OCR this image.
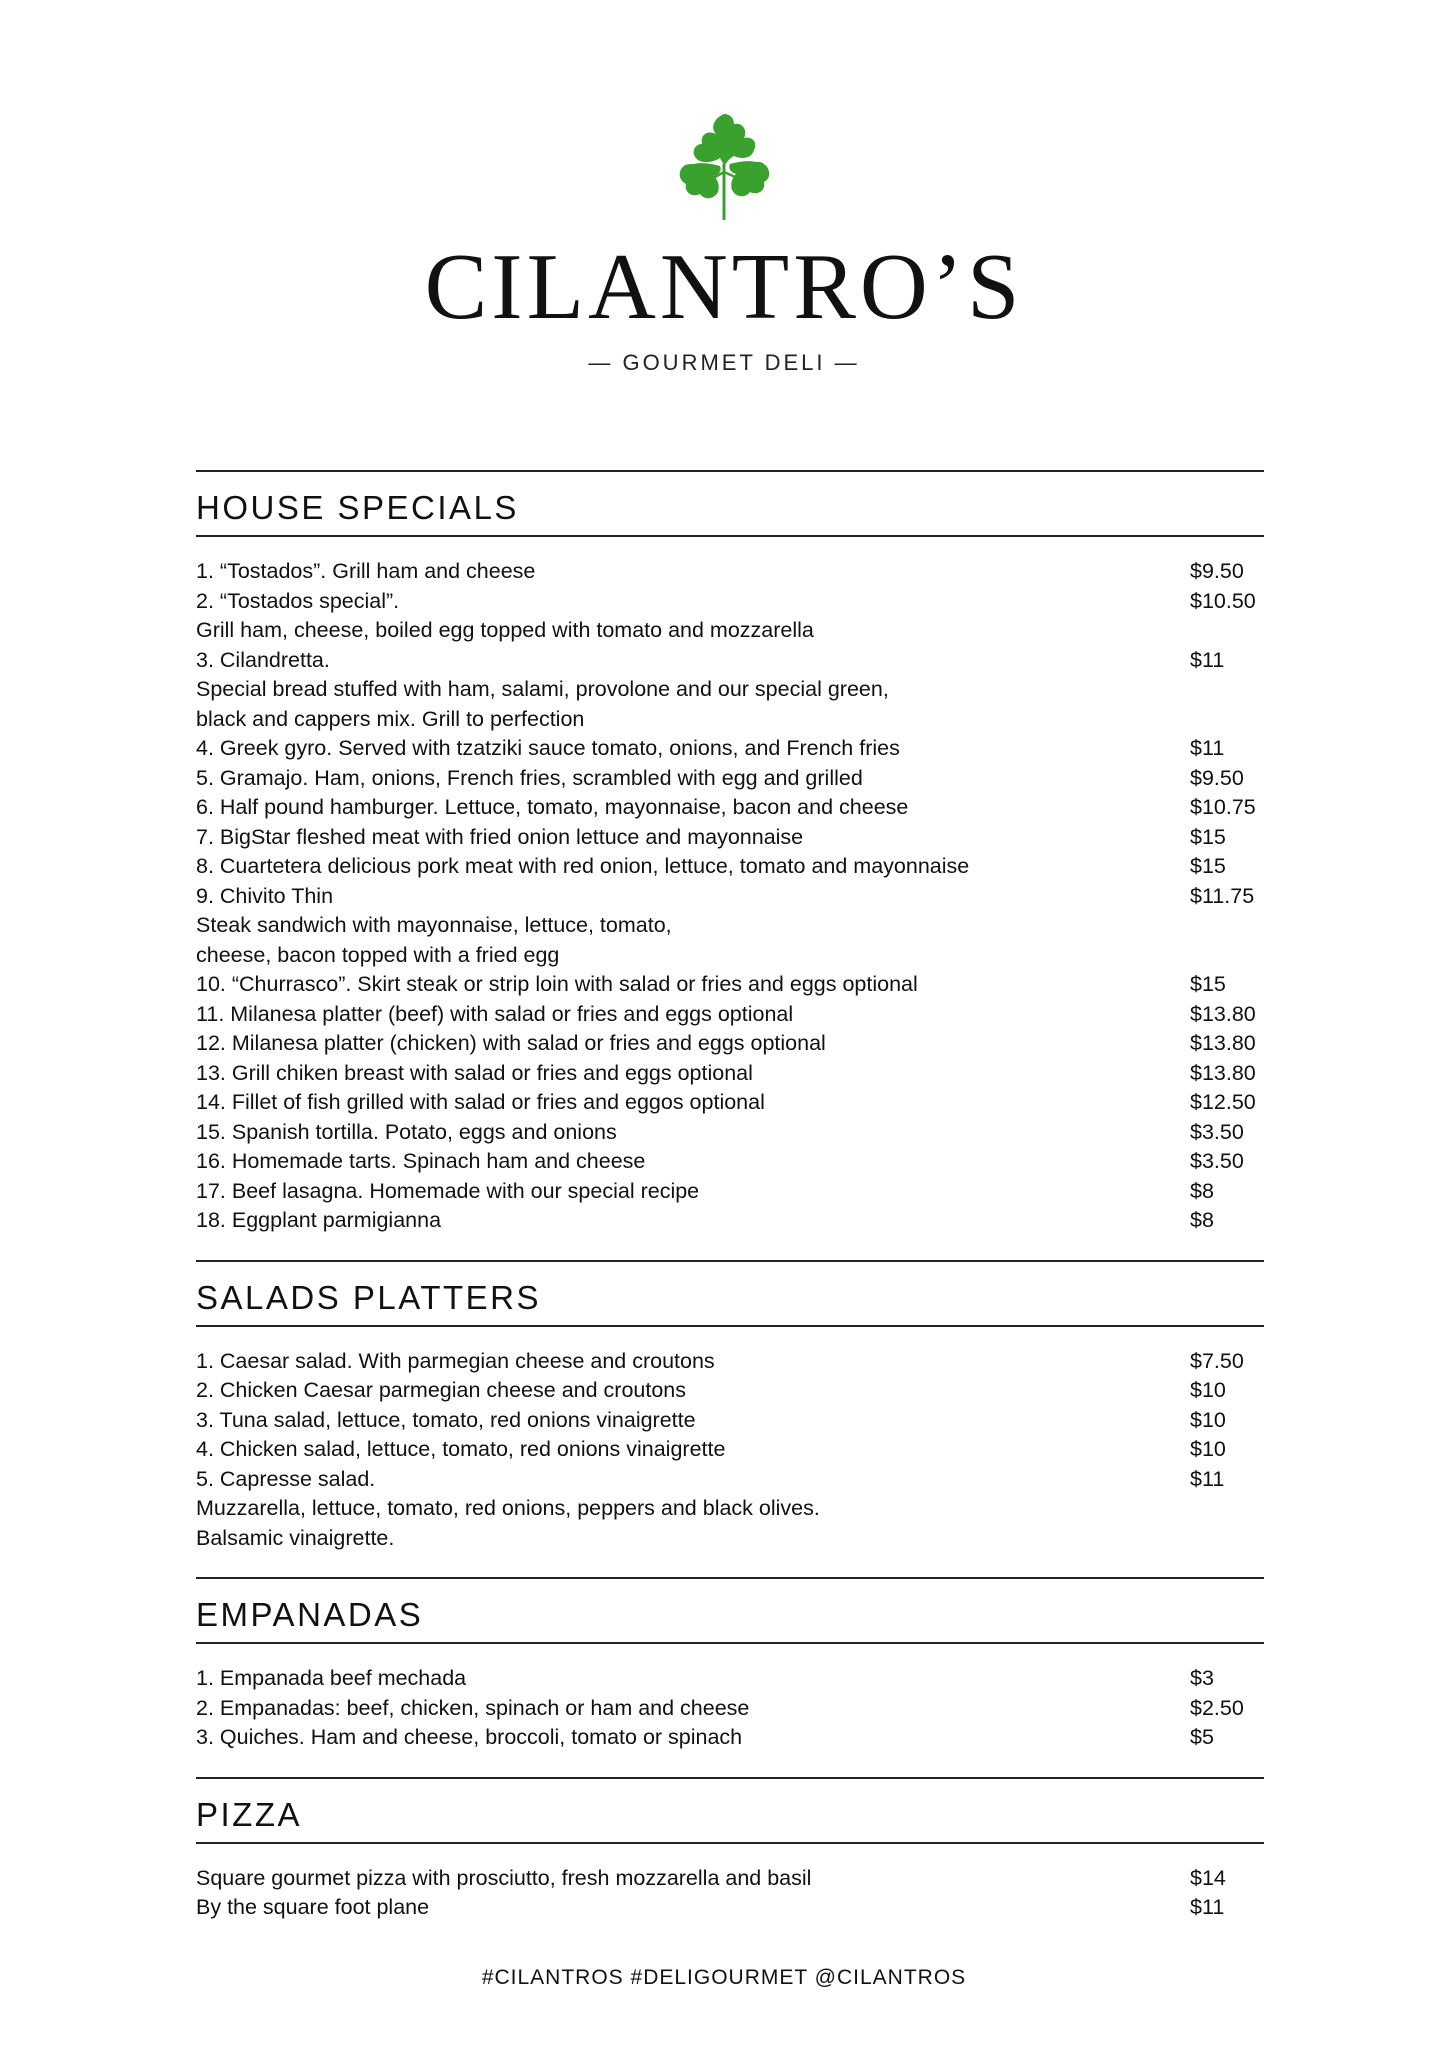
CILANTRO’S
— GOURMET DELI —
HOUSE SPECIALS
1. “Tostados”. Grill ham and cheese	$9.50
2. “Tostados special”.	$10.50
Grill ham, cheese, boiled egg topped with tomato and mozzarella
3. Cilandretta.	$11
Special bread stuffed with ham, salami, provolone and our special green,
black and cappers mix. Grill to perfection
4. Greek gyro. Served with tzatziki sauce tomato, onions, and French fries	$11
5. Gramajo. Ham, onions, French fries, scrambled with egg and grilled	$9.50
6. Half pound hamburger. Lettuce, tomato, mayonnaise, bacon and cheese	$10.75
7. BigStar fleshed meat with fried onion lettuce and mayonnaise	$15
8. Cuartetera delicious pork meat with red onion, lettuce, tomato and mayonnaise	$15
9. Chivito Thin	$11.75
Steak sandwich with mayonnaise, lettuce, tomato,
cheese, bacon topped with a fried egg
10. “Churrasco”. Skirt steak or strip loin with salad or fries and eggs optional	$15
11. Milanesa platter (beef) with salad or fries and eggs optional	$13.80
12. Milanesa platter (chicken) with salad or fries and eggs optional	$13.80
13. Grill chiken breast with salad or fries and eggs optional	$13.80
14. Fillet of fish grilled with salad or fries and eggos optional	$12.50
15. Spanish tortilla. Potato, eggs and onions	$3.50
16. Homemade tarts. Spinach ham and cheese	$3.50
17. Beef lasagna. Homemade with our special recipe	$8
18. Eggplant parmigianna	$8
SALADS PLATTERS
1. Caesar salad. With parmegian cheese and croutons	$7.50
2. Chicken Caesar parmegian cheese and croutons	$10
3. Tuna salad, lettuce, tomato, red onions vinaigrette	$10
4. Chicken salad, lettuce, tomato, red onions vinaigrette	$10
5. Capresse salad.	$11
Muzzarella, lettuce, tomato, red onions, peppers and black olives.
Balsamic vinaigrette.
EMPANADAS
1. Empanada beef mechada	$3
2. Empanadas: beef, chicken, spinach or ham and cheese	$2.50
3. Quiches. Ham and cheese, broccoli, tomato or spinach	$5
PIZZA
Square gourmet pizza with prosciutto, fresh mozzarella and basil	$14
By the square foot plane	$11
#CILANTROS #DELIGOURMET @CILANTROS
